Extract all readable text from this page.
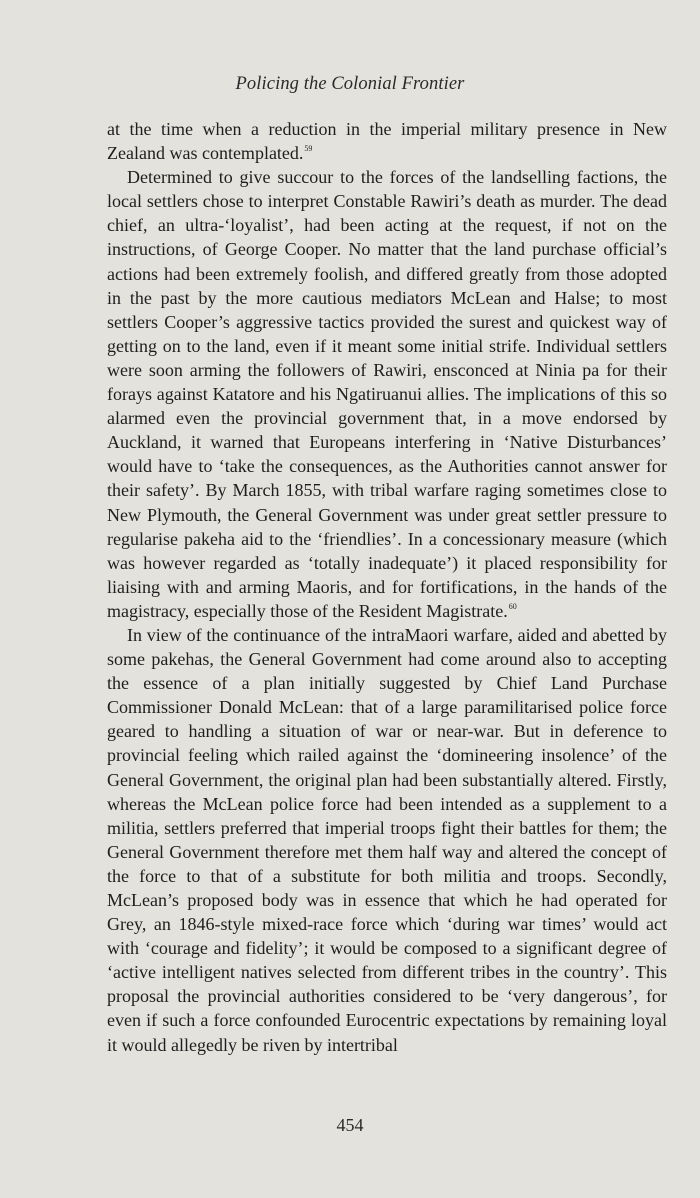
Policing the Colonial Frontier

at the time when a reduction in the imperial military presence in New Zealand was contemplated.$^{59}$

Determined to give succour to the forces of the landselling factions, the local settlers chose to interpret Constable Rawiri’s death as murder. The dead chief, an ultra-‘loyalist’, had been acting at the request, if not on the instructions, of George Cooper. No matter that the land purchase official’s actions had been extremely foolish, and differed greatly from those adopted in the past by the more cautious mediators McLean and Halse; to most settlers Cooper’s aggressive tactics provided the surest and quickest way of getting on to the land, even if it meant some initial strife. Individual settlers were soon arming the followers of Rawiri, ensconced at Ninia pa for their forays against Katatore and his Ngatiruanui allies. The implications of this so alarmed even the provincial government that, in a move endorsed by Auckland, it warned that Europeans interfering in ‘Native Disturbances’ would have to ‘take the consequences, as the Authorities cannot answer for their safety’. By March 1855, with tribal warfare raging sometimes close to New Plymouth, the General Government was under great settler pressure to regularise pakeha aid to the ‘friendlies’. In a concessionary measure (which was however regarded as ‘totally inadequate’) it placed responsibility for liaising with and arming Maoris, and for fortifications, in the hands of the magistracy, especially those of the Resident Magistrate.$^{60}$

In view of the continuance of the intraMaori warfare, aided and abetted by some pakehas, the General Government had come around also to accepting the essence of a plan initially suggested by Chief Land Purchase Commissioner Donald McLean: that of a large paramilitarised police force geared to handling a situation of war or near-war. But in deference to provincial feeling which railed against the ‘domineering insolence’ of the General Government, the original plan had been substantially altered. Firstly, whereas the McLean police force had been intended as a supplement to a militia, settlers preferred that imperial troops fight their battles for them; the General Government therefore met them half way and altered the concept of the force to that of a substitute for both militia and troops. Secondly, McLean’s proposed body was in essence that which he had operated for Grey, an 1846-style mixed-race force which ‘during war times’ would act with ‘courage and fidelity’; it would be composed to a significant degree of ‘active intelligent natives selected from different tribes in the country’. This proposal the provincial authorities considered to be ‘very dangerous’, for even if such a force confounded Eurocentric expectations by remaining loyal it would allegedly be riven by intertribal

454
